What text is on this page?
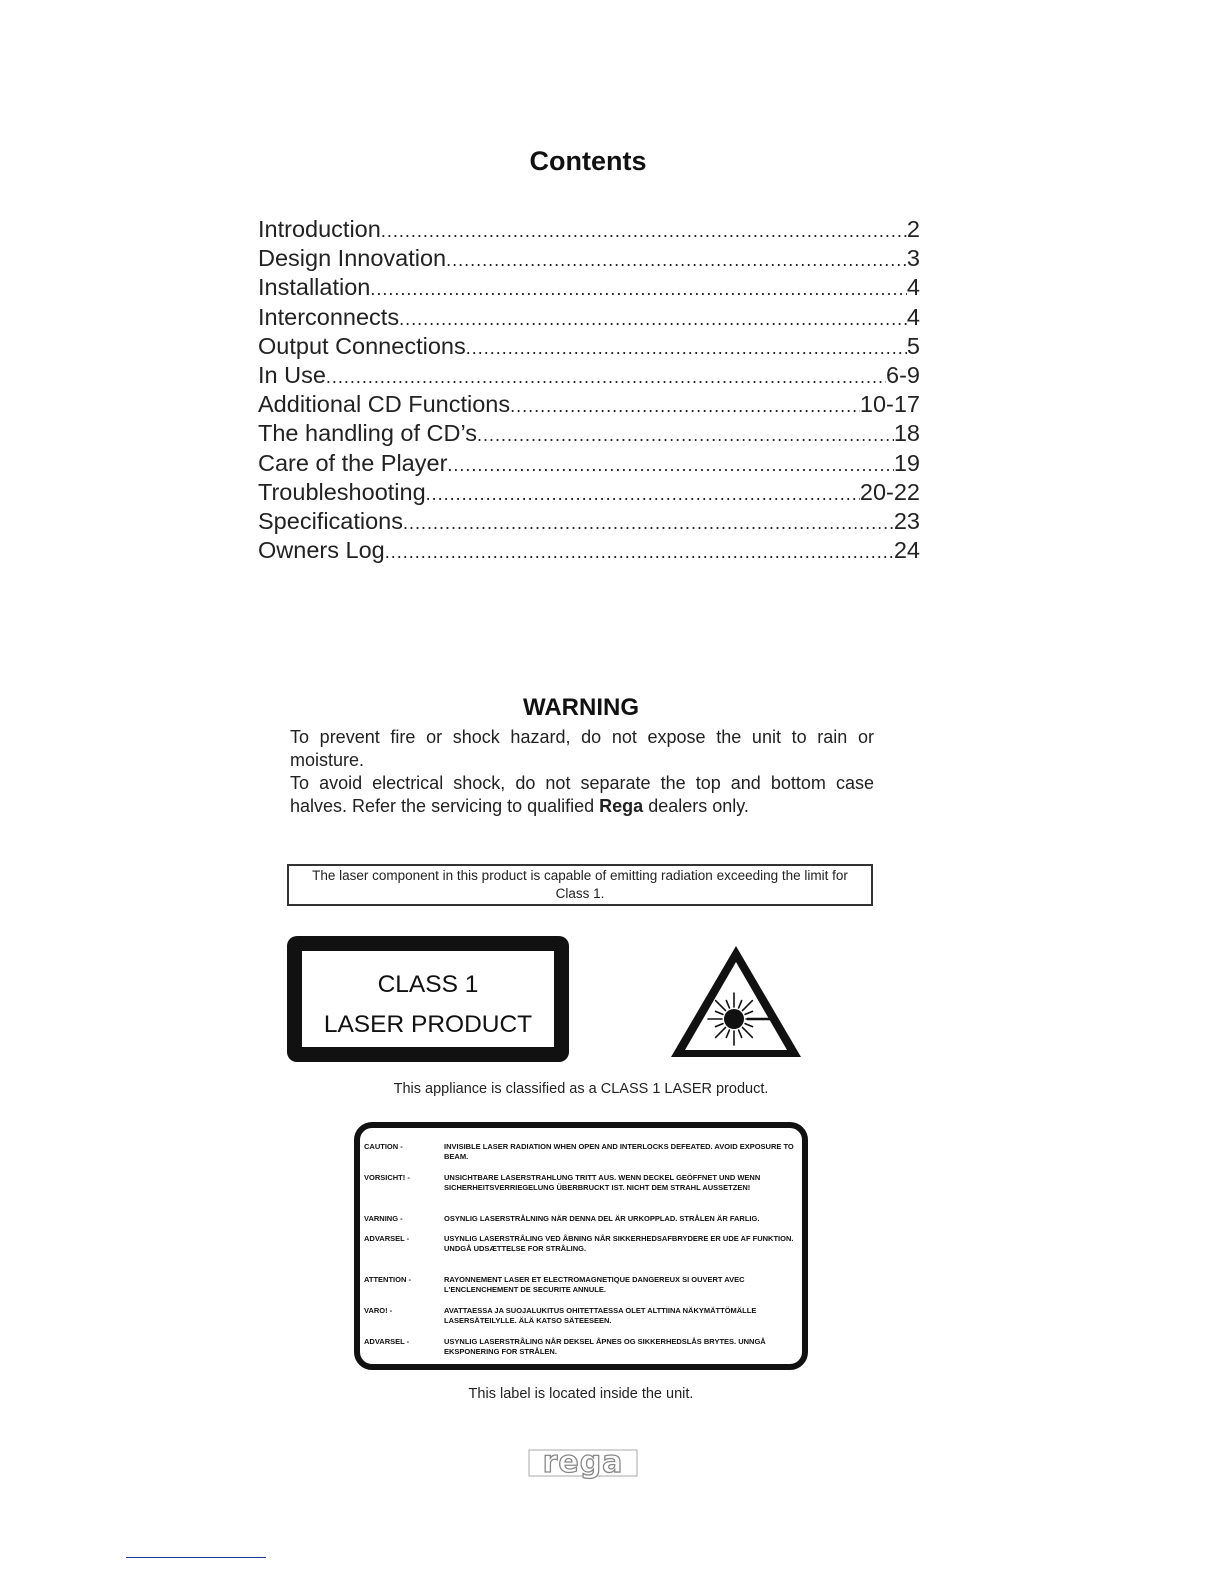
Contents
Introduction .....	2
Design Innovation .....	3
Installation .....	4
Interconnects .....	4
Output Connections .....	5
In Use .....	6-9
Additional CD Functions .....	10-17
The handling of CD’s .....	18
Care of the Player .....	19
Troubleshooting .....	20-22
Specifications .....	23
Owners Log .....	24
WARNING

To prevent fire or shock hazard, do not expose the unit to rain or moisture.

To avoid electrical shock, do not separate the top and bottom case halves. Refer the servicing to qualified Rega dealers only.

The laser component in this product is capable of emitting radiation exceeding the limit for Class 1.
CLASS 1
LASER PRODUCT
This appliance is classified as a CLASS 1 LASER product.
CAUTION -	INVISIBLE LASER RADIATION WHEN OPEN AND INTERLOCKS DEFEATED. AVOID EXPOSURE TO BEAM.
VORSICHT! -	UNSICHTBARE LASERSTRAHLUNG TRITT AUS. WENN DECKEL GEÖFFNET UND WENN SICHERHEITSVERRIEGELUNG ÜBERBRUCKT IST. NICHT DEM STRAHL AUSSETZEN!
VARNING -	OSYNLIG LASERSTRÅLNING NÄR DENNA DEL ÄR URKOPPLAD. STRÅLEN ÄR FARLIG.
ADVARSEL -	USYNLIG LASERSTRÅLING VED ÅBNING NÅR SIKKERHEDSAFBRYDERE ER UDE AF FUNKTION. UNDGÅ UDSÆTTELSE FOR STRÅLING.
ATTENTION -	RAYONNEMENT LASER ET ELECTROMAGNETIQUE DANGEREUX SI OUVERT AVEC L'ENCLENCHEMENT DE SECURITE ANNULE.
VARO! -	AVATTAESSA JA SUOJALUKITUS OHITETTAESSA OLET ALTTIINA NÄKYMÄTTÖMÄLLE LASERSÄTEILYLLE. ÄLÄ KATSO SÄTEESEEN.
ADVARSEL -	USYNLIG LASERSTRÅLING NÅR DEKSEL ÅPNES OG SIKKERHEDSLÅS BRYTES. UNNGÅ EKSPONERING FOR STRÅLEN.
This label is located inside the unit.
rega
